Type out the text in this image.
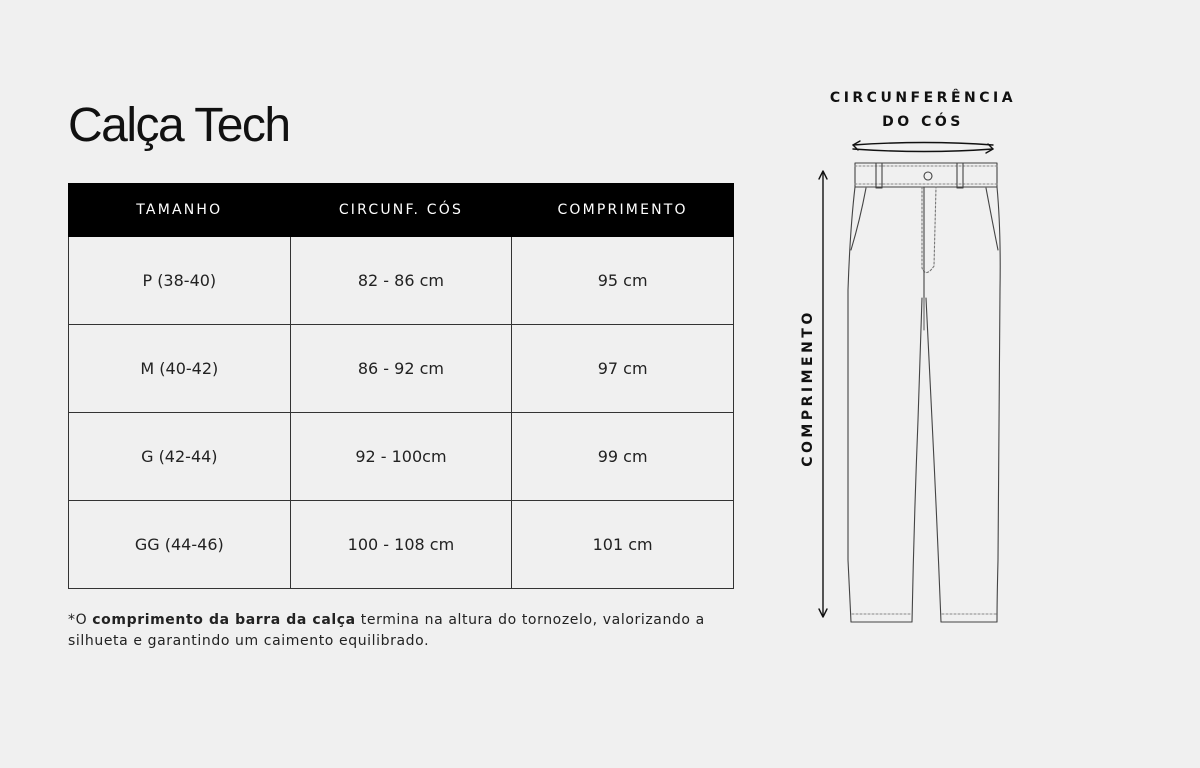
Calça Tech
TAMANHO	CIRCUNF. CÓS	COMPRIMENTO
P (38-40)	82 - 86 cm	95 cm
M (40-42)	86 - 92 cm	97 cm
G (42-44)	92 - 100cm	99 cm
GG (44-46)	100 - 108 cm	101 cm

*O comprimento da barra da calça termina na altura do tornozelo, valorizando a silhueta e garantindo um caimento equilibrado.

CIRCUNFERÊNCIA
DO CÓS
COMPRIMENTO
